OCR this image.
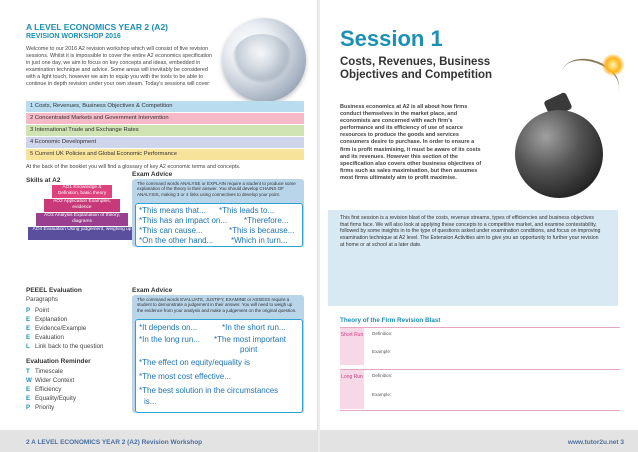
A LEVEL ECONOMICS YEAR 2 (A2)
REVISION WORKSHOP 2016
Welcome to our 2016 A2 revision workshop which will consist of five revision sessions. Whilst it is impossible to cover the entire A2 economics specification in just one day, we aim to focus on key concepts and ideas, embedded in examination technique and advice. Some areas will inevitably be considered with a light touch, however we aim to equip you with the tools to be able to continue in depth revision under your own steam. Today's sessions will cover:
1 Costs, Revenues, Business Objectives & Competition
2 Concentrated Markets and Government Intervention
3 International Trade and Exchange Rates
4 Economic Development
5 Current UK Policies and Global Economic Performance
At the back of the booklet you will find a glossary of key A2 economic terms and concepts.
Skills at A2
AO1 Knowledge & Definition, basic theory
AO2 Application Examples, evidence
AO3 Analysis Explanation of theory, diagrams
AO4 Evaluation Using judgement, weighing up
Exam Advice
The command words ANALYSE or EXPLAIN require a student to produce some explanation of the theory in their answer. You should develop CHAINS OF ANALYSIS, making 3 or 4 links using connectives to develop your point.
*This means that... *This leads to...
*This has an impact on... *Therefore...
*This can cause...	*This is because...
*On the other hand... *Which in turn...
PEEEL Evaluation
Paragraphs
P Point
E Explanation
E Evidence/Example
E Evaluation
L Link back to the question
Evaluation Reminder
T Timescale
W Wider Context
E Efficiency
E Equality/Equity
P Priority
Exam Advice
The command words EVALUATE, JUSTIFY, EXAMINE or ASSESS require a student to demonstrate a judgement in their answer. You will need to weigh up the evidence from your analysis and make a judgement on the original question.
*It depends on...	*In the short run...
*In the long run... *The most important
point
*The effect on equity/equality is
*The most cost effective...
*The best solution in the circumstances
is...
2 A LEVEL ECONOMICS YEAR 2 (A2) Revision Workshop
Session 1
Costs, Revenues, Business Objectives and Competition
Business economics at A2 is all about how firms conduct themselves in the market place, and economists are concerned with each firm's performance and its efficiency of use of scarce resources to produce the goods and services consumers desire to purchase. In order to ensure a firm is profit maximising, it must be aware of its costs and its revenues. However this section of the specification also covers other business objectives of firms such as sales maximisation, but then assumes most firms ultimately aim to profit maximise.
This first session is a revision blast of the costs, revenue streams, types of efficiencies and business objectives that firms face. We will also look at applying these concepts to a competitive market, and examine contestability, followed by some insights in to the type of questions asked under examination conditions, and focus on improving examination technique at A2 level. The Extension Activities aim to give you an opportunity to further your revision at home or at school at a later date.
Theory of the Firm Revision Blast
Short Run Definition:
Example:
Long Run Definition:
Example:
www.tutor2u.net 3
